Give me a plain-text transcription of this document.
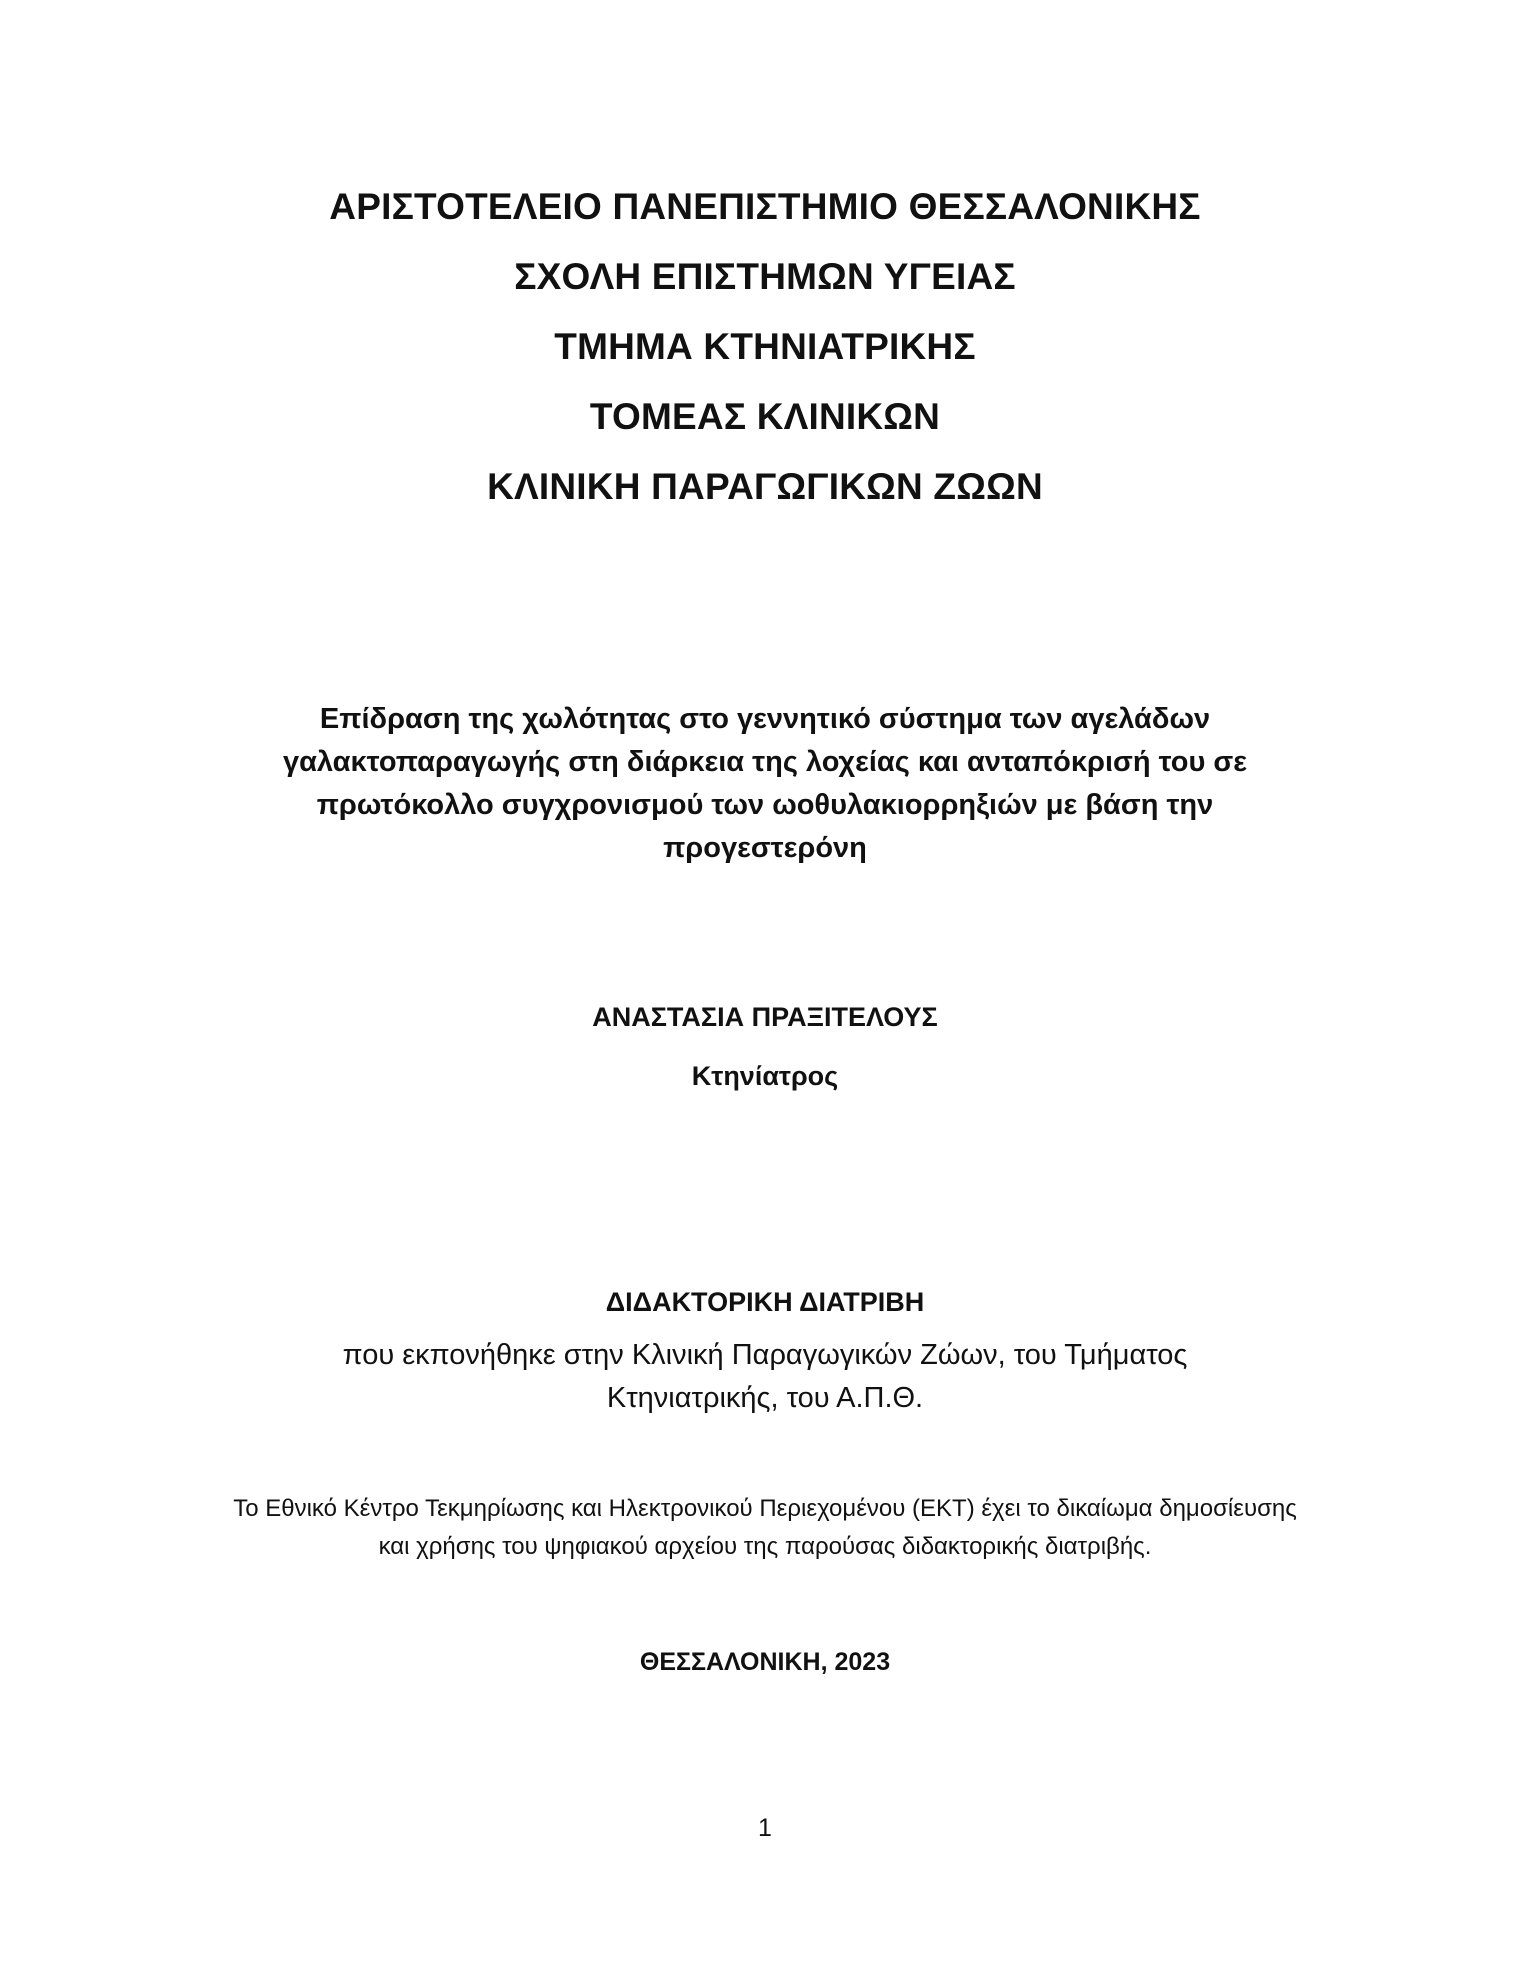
ΑΡΙΣΤΟΤΕΛΕΙΟ ΠΑΝΕΠΙΣΤΗΜΙΟ ΘΕΣΣΑΛΟΝΙΚΗΣ
ΣΧΟΛΗ ΕΠΙΣΤΗΜΩΝ ΥΓΕΙΑΣ
ΤΜΗΜΑ ΚΤΗΝΙΑΤΡΙΚΗΣ
ΤΟΜΕΑΣ ΚΛΙΝΙΚΩΝ
ΚΛΙΝΙΚΗ ΠΑΡΑΓΩΓΙΚΩΝ ΖΩΩΝ
Επίδραση της χωλότητας στο γεννητικό σύστημα των αγελάδων γαλακτοπαραγωγής στη διάρκεια της λοχείας και ανταπόκρισή του σε πρωτόκολλο συγχρονισμού των ωοθυλακιορρηξιών με βάση την προγεστερόνη
ΑΝΑΣΤΑΣΙΑ ΠΡΑΞΙΤΕΛΟΥΣ
Κτηνίατρος
ΔΙΔΑΚΤΟΡΙΚΗ ΔΙΑΤΡΙΒΗ
που εκπονήθηκε στην Κλινική Παραγωγικών Ζώων, του Τμήματος Κτηνιατρικής, του Α.Π.Θ.
Το Εθνικό Κέντρο Τεκμηρίωσης και Ηλεκτρονικού Περιεχομένου (ΕΚΤ) έχει το δικαίωμα δημοσίευσης και χρήσης του ψηφιακού αρχείου της παρούσας διδακτορικής διατριβής.
ΘΕΣΣΑΛΟΝΙΚΗ, 2023
1
